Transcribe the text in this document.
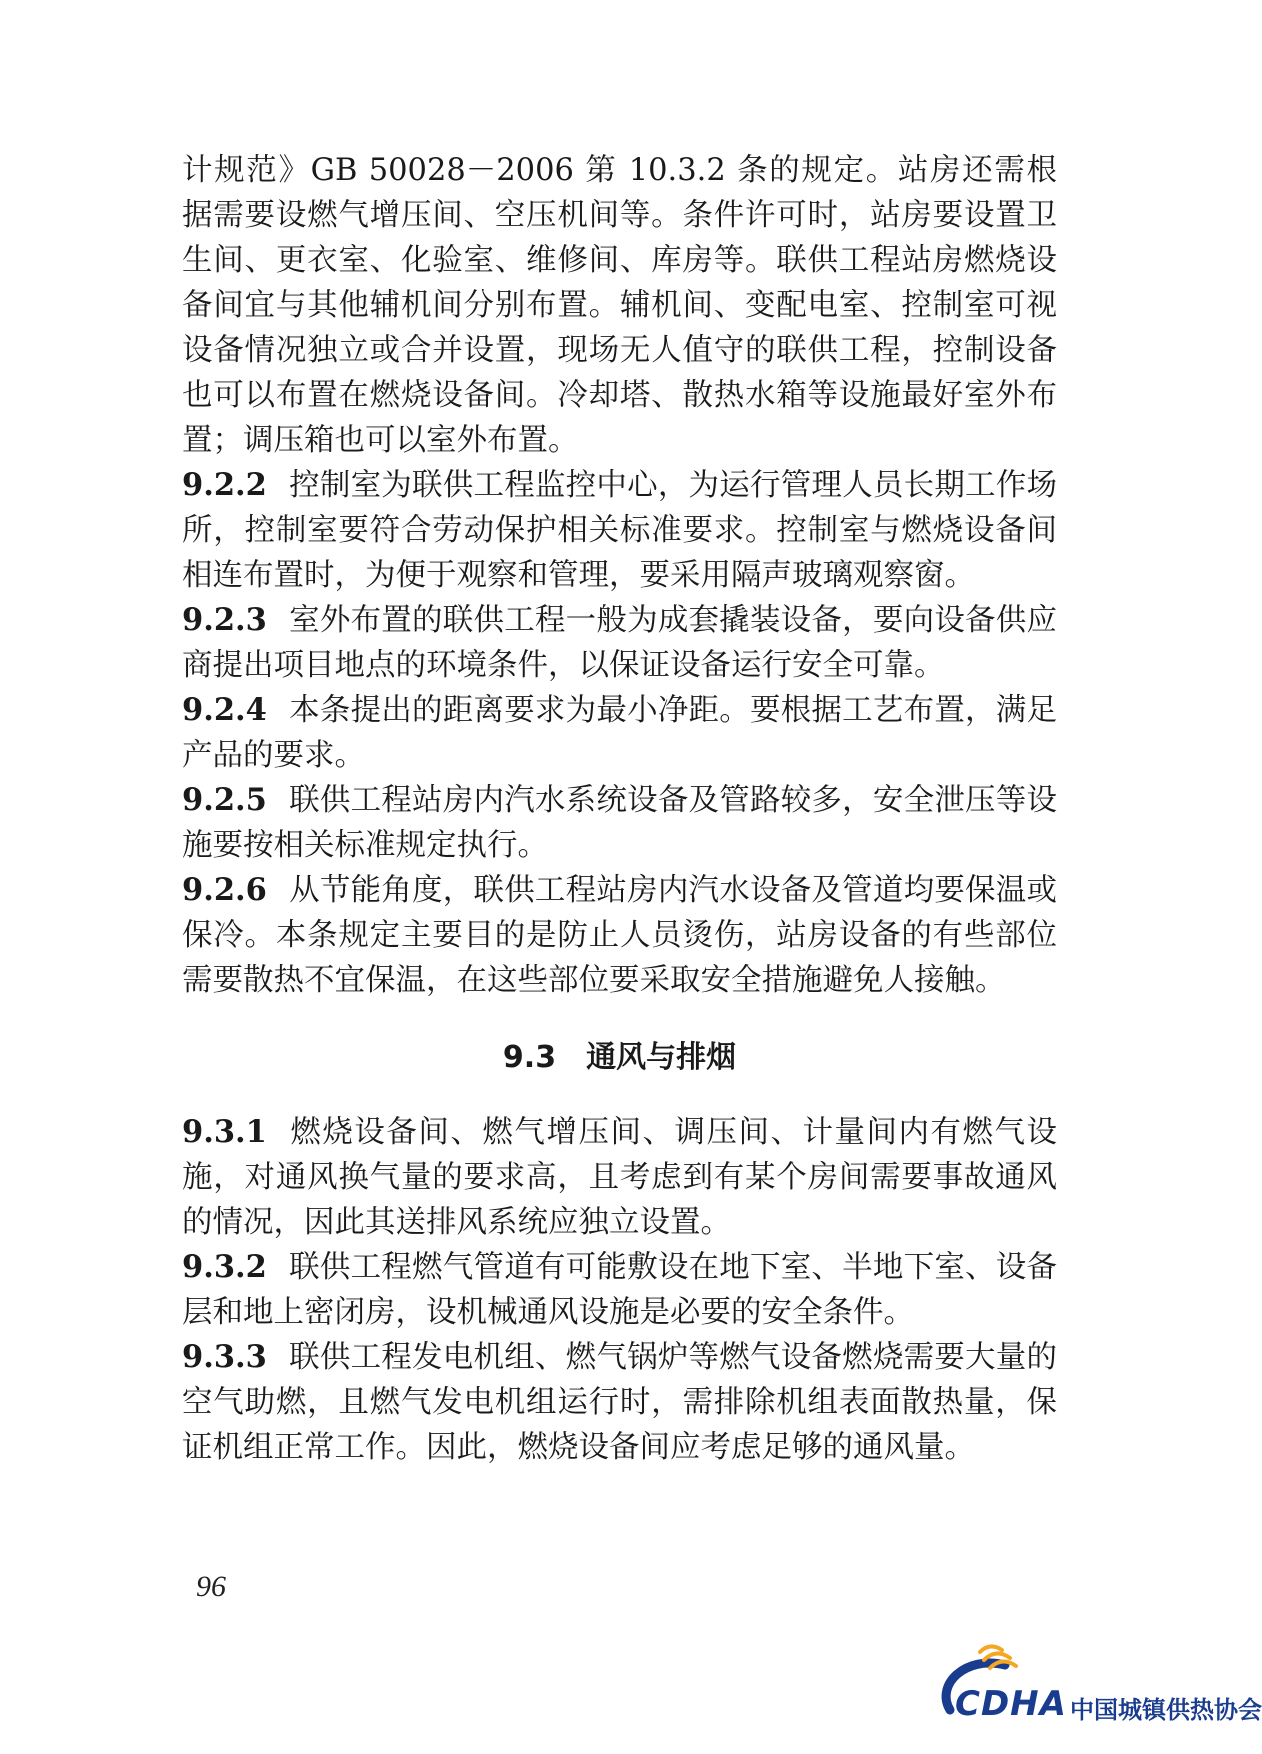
计规范》GB 50028－2006 第 10.3.2 条的规定。站房还需根据需要设燃气增压间、空压机间等。条件许可时，站房要设置卫生间、更衣室、化验室、维修间、库房等。联供工程站房燃烧设备间宜与其他辅机间分别布置。辅机间、变配电室、控制室可视设备情况独立或合并设置，现场无人值守的联供工程，控制设备也可以布置在燃烧设备间。冷却塔、散热水箱等设施最好室外布置；调压箱也可以室外布置。

9.2.2 控制室为联供工程监控中心，为运行管理人员长期工作场所，控制室要符合劳动保护相关标准要求。控制室与燃烧设备间相连布置时，为便于观察和管理，要采用隔声玻璃观察窗。

9.2.3 室外布置的联供工程一般为成套撬装设备，要向设备供应商提出项目地点的环境条件，以保证设备运行安全可靠。

9.2.4 本条提出的距离要求为最小净距。要根据工艺布置，满足产品的要求。

9.2.5 联供工程站房内汽水系统设备及管路较多，安全泄压等设施要按相关标准规定执行。

9.2.6 从节能角度，联供工程站房内汽水设备及管道均要保温或保冷。本条规定主要目的是防止人员烫伤，站房设备的有些部位需要散热不宜保温，在这些部位要采取安全措施避免人接触。

9.3 通风与排烟

9.3.1 燃烧设备间、燃气增压间、调压间、计量间内有燃气设施，对通风换气量的要求高，且考虑到有某个房间需要事故通风的情况，因此其送排风系统应独立设置。

9.3.2 联供工程燃气管道有可能敷设在地下室、半地下室、设备层和地上密闭房，设机械通风设施是必要的安全条件。

9.3.3 联供工程发电机组、燃气锅炉等燃气设备燃烧需要大量的空气助燃，且燃气发电机组运行时，需排除机组表面散热量，保证机组正常工作。因此，燃烧设备间应考虑足够的通风量。

96
CDHA 中国城镇供热协会
